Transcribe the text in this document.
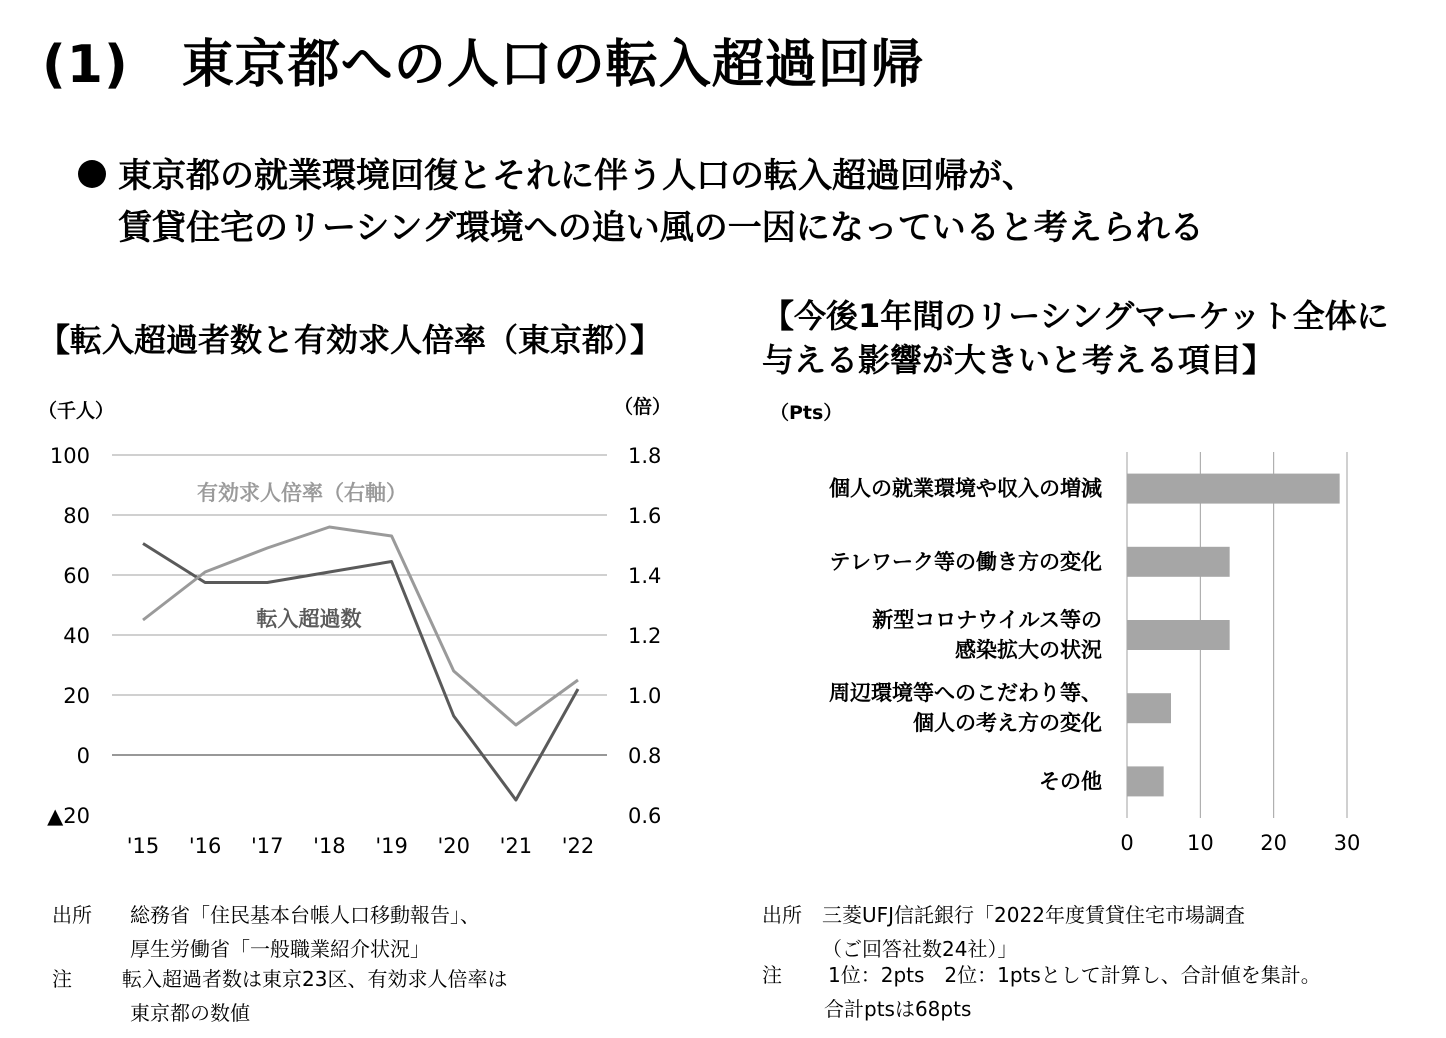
(1)　東京都への人口の転入超過回帰
東京都の就業環境回復とそれに伴う人口の転入超過回帰が、
賃貸住宅のリーシング環境への追い風の一因になっていると考えられる
【転入超過者数と有効求人倍率（東京都）】
（千人）	（倍）
100
80
60
40
20
0
▲20
1.8
1.6
1.4
1.2
1.0
0.8
0.6
'15 '16 '17 '18 '19 '20 '21 '22
有効求人倍率（右軸）
転入超過数
出所 総務省「住民基本台帳人口移動報告」、
厚生労働省「一般職業紹介状況」
注	転入超過者数は東京23区、有効求人倍率は
東京都の数値
【今後1年間のリーシングマーケット全体に
与える影響が大きいと考える項目】
（Pts）
0	10 20 30
個人の就業環境や収入の増減
テレワーク等の働き方の変化
新型コロナウイルス等の
感染拡大の状況
周辺環境等へのこだわり等、
個人の考え方の変化
その他
出所 三菱UFJ信託銀行「2022年度賃貸住宅市場調査
（ご回答社数24社）」
注 1位：2pts　2位：1ptsとして計算し、合計値を集計。
合計ptsは68pts
